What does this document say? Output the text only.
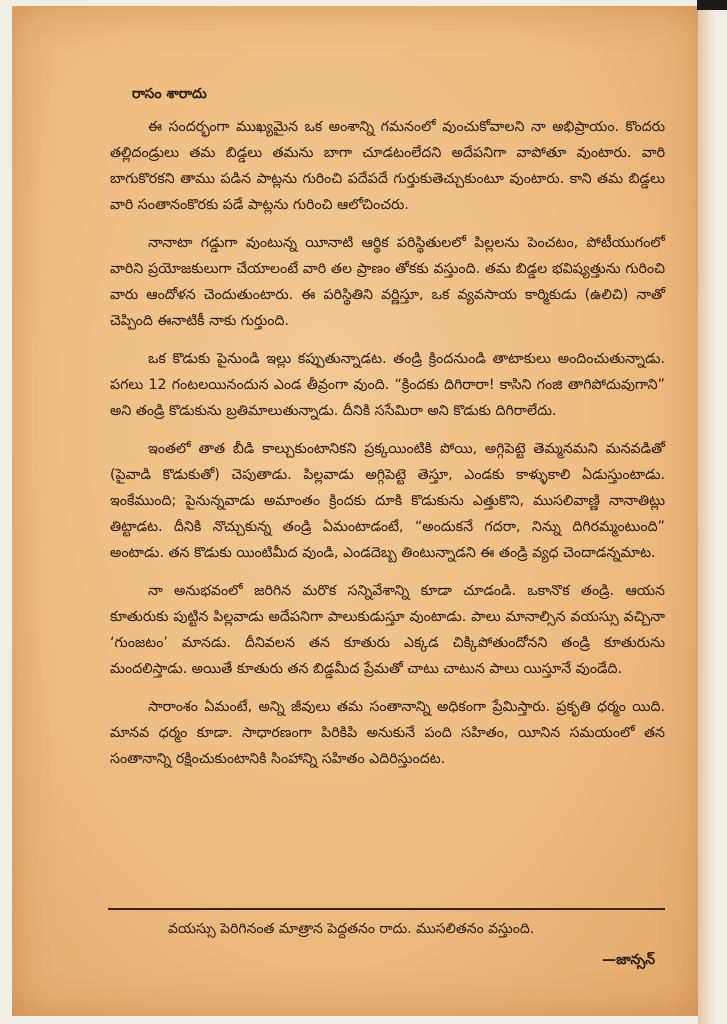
రాసం శారాదు

ఈ సందర్భంగా ముఖ్యమైన ఒక అంశాన్ని గమనంలో వుంచుకోవాలని నా అభిప్రాయం. కొందరు తల్లిదండ్రులు తమ బిడ్డలు తమను బాగా చూడటంలేదని అదేపనిగా వాపోతూ వుంటారు. వారి బాగుకొరకని తాము పడిన పాట్లను గురించి పదేపదే గుర్తుకుతెచ్చుకుంటూ వుంటారు. కాని తమ బిడ్డలు వారి సంతానంకొరకు పడే పాట్లను గురించి ఆలోచించరు.

నానాటా గడ్డుగా వుంటున్న యీనాటి ఆర్థిక పరిస్థితులలో పిల్లలను పెంచటం, పోటీయుగంలో వారిని ప్రయోజకులుగా చేయాలంటే వారి తల ప్రాణం తోకకు వస్తుంది. తమ బిడ్డల భవిష్యత్తును గురించి వారు ఆందోళన చెందుతుంటారు. ఈ పరిస్థితిని వర్ణిస్తూ, ఒక వ్యవసాయ కార్మికుడు (ఉలిచి) నాతో చెప్పింది ఈనాటికీ నాకు గుర్తుంది.

ఒక కొడుకు పైనుండి ఇల్లు కప్పుతున్నాడట. తండ్రి క్రిందనుండి తాటాకులు అందించుతున్నాడు. పగలు 12 గంటలయినందున ఎండ తీవ్రంగా వుంది. “క్రిందకు దిగిరారా! కాసిని గంజి తాగిపోదువుగాని” అని తండ్రి కొడుకును బ్రతిమాలుతున్నాడు. దీనికి ససేమిరా అని కొడుకు దిగిరాలేదు.

ఇంతలో తాత బీడి కాల్చుకుంటానికని ప్రక్కయింటికి పోయి, అగ్గిపెట్టె తెమ్మనమని మనవడితో (పైవాడి కొడుకుతో) చెపుతాడు. పిల్లవాడు అగ్గిపెట్టె తెస్తూ, ఎండకు కాళ్ళుకాలి ఏడుస్తుంటాడు. ఇంకేముంది; పైనున్నవాడు అమాంతం క్రిందకు దూకి కొడుకును ఎత్తుకొని, ముసలివాణ్ణి నానాతిట్లు తిట్టాడట. దీనికి నొచ్చుకున్న తండ్రి ఏమంటాడంటే, “అందుకనే గదరా, నిన్ను దిగిరమ్మంటుంది” అంటాడు. తన కొడుకు యింటిమీద వుండి, ఎండదెబ్బ తింటున్నాడని ఈ తండ్రి వ్యధ చెందాడన్నమాట.

నా అనుభవంలో జరిగిన మరొక సన్నివేశాన్ని కూడా చూడండి. ఒకానొక తండ్రి. ఆయన కూతురుకు పుట్టిన పిల్లవాడు అదేపనిగా పాలుకుడుస్తూ వుంటాడు. పాలు మానాల్సిన వయస్సు వచ్చినా ‘గుంజటం’ మానడు. దీనివలన తన కూతురు ఎక్కడ చిక్కిపోతుందోనని తండ్రి కూతురును మందలిస్తాడు. అయితే కూతురు తన బిడ్డమీద ప్రేమతో చాటు చాటున పాలు యిస్తూనే వుండేది.

సారాంశం ఏమంటే, అన్ని జీవులు తమ సంతానాన్ని అధికంగా ప్రేమిస్తారు. ప్రకృతి ధర్మం యిది. మానవ ధర్మం కూడా. సాధారణంగా పిరికిపి అనుకునే పంది సహితం, యీనిన సమయంలో తన సంతానాన్ని రక్షించుకుంటానికి సింహాన్ని సహితం ఎదిరిస్తుందట.

వయస్సు పెరిగినంత మాత్రాన పెద్దతనం రాదు. ముసలితనం వస్తుంది.
—జాన్సన్
